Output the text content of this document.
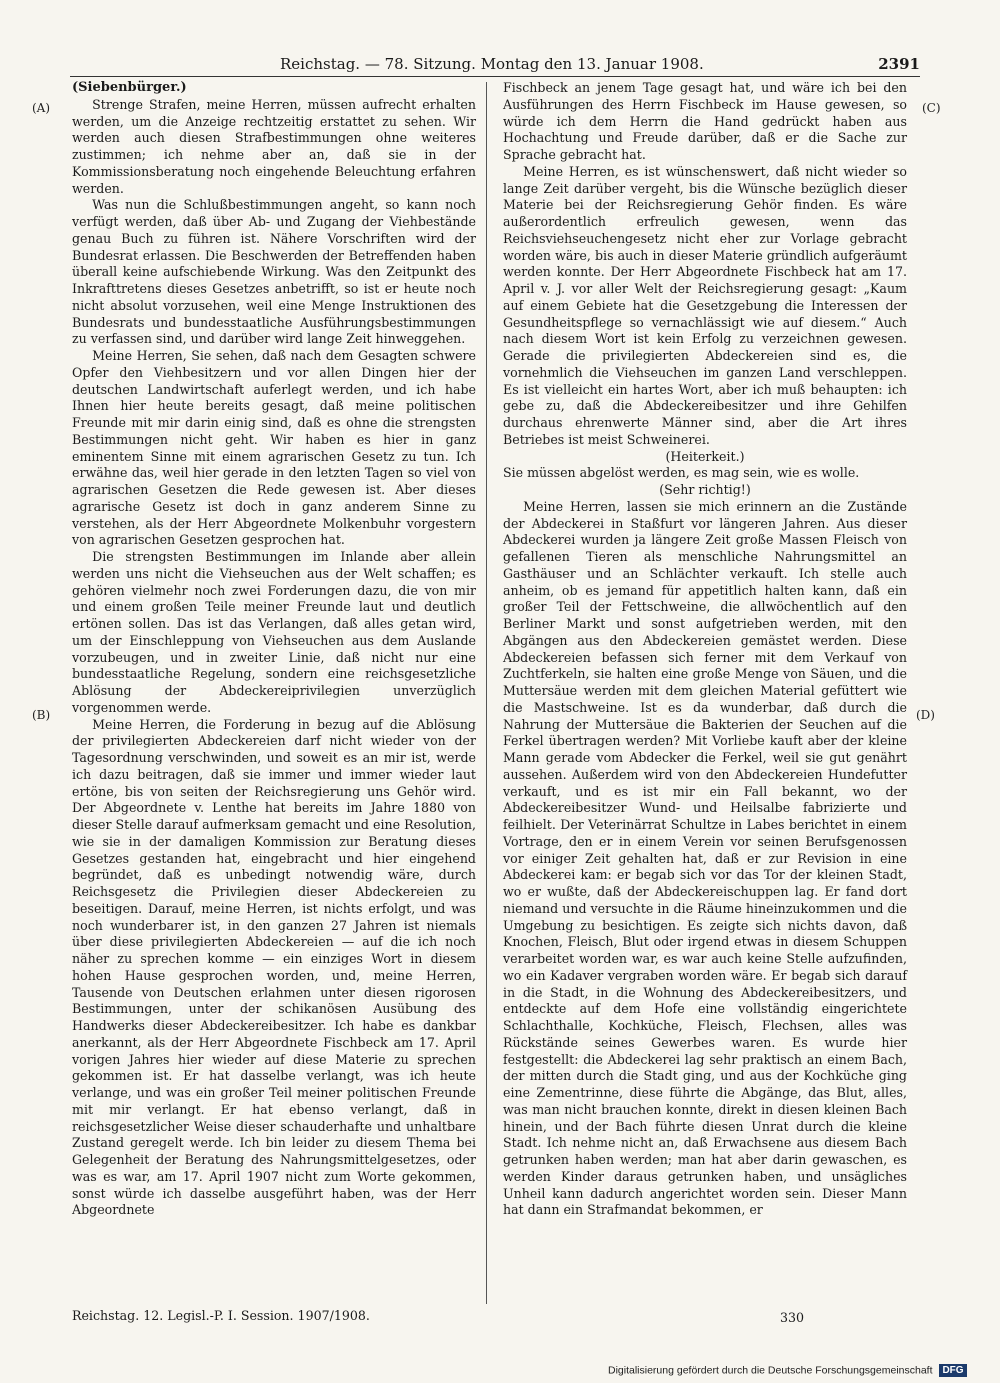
Reichstag. — 78. Sitzung. Montag den 13. Januar 1908.	2391
(A)
(B)
(C)
(D)

(Siebenbürger.)

Strenge Strafen, meine Herren, müssen aufrecht erhalten werden, um die Anzeige rechtzeitig erstattet zu sehen. Wir werden auch diesen Strafbestimmungen ohne weiteres zustimmen; ich nehme aber an, daß sie in der Kommissionsberatung noch eingehende Beleuchtung erfahren werden.

Was nun die Schlußbestimmungen angeht, so kann noch verfügt werden, daß über Ab- und Zugang der Viehbestände genau Buch zu führen ist. Nähere Vorschriften wird der Bundesrat erlassen. Die Beschwerden der Betreffenden haben überall keine aufschiebende Wirkung. Was den Zeitpunkt des Inkrafttretens dieses Gesetzes anbetrifft, so ist er heute noch nicht absolut vorzusehen, weil eine Menge Instruktionen des Bundesrats und bundesstaatliche Ausführungsbestimmungen zu verfassen sind, und darüber wird lange Zeit hinweggehen.

Meine Herren, Sie sehen, daß nach dem Gesagten schwere Opfer den Viehbesitzern und vor allen Dingen hier der deutschen Landwirtschaft auferlegt werden, und ich habe Ihnen hier heute bereits gesagt, daß meine politischen Freunde mit mir darin einig sind, daß es ohne die strengsten Bestimmungen nicht geht. Wir haben es hier in ganz eminentem Sinne mit einem agrarischen Gesetz zu tun. Ich erwähne das, weil hier gerade in den letzten Tagen so viel von agrarischen Gesetzen die Rede gewesen ist. Aber dieses agrarische Gesetz ist doch in ganz anderem Sinne zu verstehen, als der Herr Abgeordnete Molkenbuhr vorgestern von agrarischen Gesetzen gesprochen hat.

Die strengsten Bestimmungen im Inlande aber allein werden uns nicht die Viehseuchen aus der Welt schaffen; es gehören vielmehr noch zwei Forderungen dazu, die von mir und einem großen Teile meiner Freunde laut und deutlich ertönen sollen. Das ist das Verlangen, daß alles getan wird, um der Einschleppung von Viehseuchen aus dem Auslande vorzubeugen, und in zweiter Linie, daß nicht nur eine bundesstaatliche Regelung, sondern eine reichsgesetzliche Ablösung der Abdeckereiprivilegien unverzüglich vorgenommen werde.

Meine Herren, die Forderung in bezug auf die Ablösung der privilegierten Abdeckereien darf nicht wieder von der Tagesordnung verschwinden, und soweit es an mir ist, werde ich dazu beitragen, daß sie immer und immer wieder laut ertöne, bis von seiten der Reichsregierung uns Gehör wird. Der Abgeordnete v. Lenthe hat bereits im Jahre 1880 von dieser Stelle darauf aufmerksam gemacht und eine Resolution, wie sie in der damaligen Kommission zur Beratung dieses Gesetzes gestanden hat, eingebracht und hier eingehend begründet, daß es unbedingt notwendig wäre, durch Reichsgesetz die Privilegien dieser Abdeckereien zu beseitigen. Darauf, meine Herren, ist nichts erfolgt, und was noch wunderbarer ist, in den ganzen 27 Jahren ist niemals über diese privilegierten Abdeckereien — auf die ich noch näher zu sprechen komme — ein einziges Wort in diesem hohen Hause gesprochen worden, und, meine Herren, Tausende von Deutschen erlahmen unter diesen rigorosen Bestimmungen, unter der schikanösen Ausübung des Handwerks dieser Abdeckereibesitzer. Ich habe es dankbar anerkannt, als der Herr Abgeordnete Fischbeck am 17. April vorigen Jahres hier wieder auf diese Materie zu sprechen gekommen ist. Er hat dasselbe verlangt, was ich heute verlange, und was ein großer Teil meiner politischen Freunde mit mir verlangt. Er hat ebenso verlangt, daß in reichsgesetzlicher Weise dieser schauderhafte und unhaltbare Zustand geregelt werde. Ich bin leider zu diesem Thema bei Gelegenheit der Beratung des Nahrungsmittelgesetzes, oder was es war, am 17. April 1907 nicht zum Worte gekommen, sonst würde ich dasselbe ausgeführt haben, was der Herr Abgeordnete

Fischbeck an jenem Tage gesagt hat, und wäre ich bei den Ausführungen des Herrn Fischbeck im Hause gewesen, so würde ich dem Herrn die Hand gedrückt haben aus Hochachtung und Freude darüber, daß er die Sache zur Sprache gebracht hat.

Meine Herren, es ist wünschenswert, daß nicht wieder so lange Zeit darüber vergeht, bis die Wünsche bezüglich dieser Materie bei der Reichsregierung Gehör finden. Es wäre außerordentlich erfreulich gewesen, wenn das Reichsviehseuchengesetz nicht eher zur Vorlage gebracht worden wäre, bis auch in dieser Materie gründlich aufgeräumt werden konnte. Der Herr Abgeordnete Fischbeck hat am 17. April v. J. vor aller Welt der Reichsregierung gesagt: „Kaum auf einem Gebiete hat die Gesetzgebung die Interessen der Gesundheitspflege so vernachlässigt wie auf diesem.“ Auch nach diesem Wort ist kein Erfolg zu verzeichnen gewesen. Gerade die privilegierten Abdeckereien sind es, die vornehmlich die Viehseuchen im ganzen Land verschleppen. Es ist vielleicht ein hartes Wort, aber ich muß behaupten: ich gebe zu, daß die Abdeckereibesitzer und ihre Gehilfen durchaus ehrenwerte Männer sind, aber die Art ihres Betriebes ist meist Schweinerei.

(Heiterkeit.)

Sie müssen abgelöst werden, es mag sein, wie es wolle.

(Sehr richtig!)

Meine Herren, lassen sie mich erinnern an die Zustände der Abdeckerei in Staßfurt vor längeren Jahren. Aus dieser Abdeckerei wurden ja längere Zeit große Massen Fleisch von gefallenen Tieren als menschliche Nahrungsmittel an Gasthäuser und an Schlächter verkauft. Ich stelle auch anheim, ob es jemand für appetitlich halten kann, daß ein großer Teil der Fettschweine, die allwöchentlich auf den Berliner Markt und sonst aufgetrieben werden, mit den Abgängen aus den Abdeckereien gemästet werden. Diese Abdeckereien befassen sich ferner mit dem Verkauf von Zuchtferkeln, sie halten eine große Menge von Säuen, und die Muttersäue werden mit dem gleichen Material gefüttert wie die Mastschweine. Ist es da wunderbar, daß durch die Nahrung der Muttersäue die Bakterien der Seuchen auf die Ferkel übertragen werden? Mit Vorliebe kauft aber der kleine Mann gerade vom Abdecker die Ferkel, weil sie gut genährt aussehen. Außerdem wird von den Abdeckereien Hundefutter verkauft, und es ist mir ein Fall bekannt, wo der Abdeckereibesitzer Wund- und Heilsalbe fabrizierte und feilhielt. Der Veterinärrat Schultze in Labes berichtet in einem Vortrage, den er in einem Verein vor seinen Berufsgenossen vor einiger Zeit gehalten hat, daß er zur Revision in eine Abdeckerei kam: er begab sich vor das Tor der kleinen Stadt, wo er wußte, daß der Abdeckereischuppen lag. Er fand dort niemand und versuchte in die Räume hineinzukommen und die Umgebung zu besichtigen. Es zeigte sich nichts davon, daß Knochen, Fleisch, Blut oder irgend etwas in diesem Schuppen verarbeitet worden war, es war auch keine Stelle aufzufinden, wo ein Kadaver vergraben worden wäre. Er begab sich darauf in die Stadt, in die Wohnung des Abdeckereibesitzers, und entdeckte auf dem Hofe eine vollständig eingerichtete Schlachthalle, Kochküche, Fleisch, Flechsen, alles was Rückstände seines Gewerbes waren. Es wurde hier festgestellt: die Abdeckerei lag sehr praktisch an einem Bach, der mitten durch die Stadt ging, und aus der Kochküche ging eine Zementrinne, diese führte die Abgänge, das Blut, alles, was man nicht brauchen konnte, direkt in diesen kleinen Bach hinein, und der Bach führte diesen Unrat durch die kleine Stadt. Ich nehme nicht an, daß Erwachsene aus diesem Bach getrunken haben werden; man hat aber darin gewaschen, es werden Kinder daraus getrunken haben, und unsägliches Unheil kann dadurch angerichtet worden sein. Dieser Mann hat dann ein Strafmandat bekommen, er

Reichstag. 12. Legisl.-P. I. Session. 1907/1908.	330
Digitalisierung gefördert durch die Deutsche Forschungsgemeinschaft DFG
